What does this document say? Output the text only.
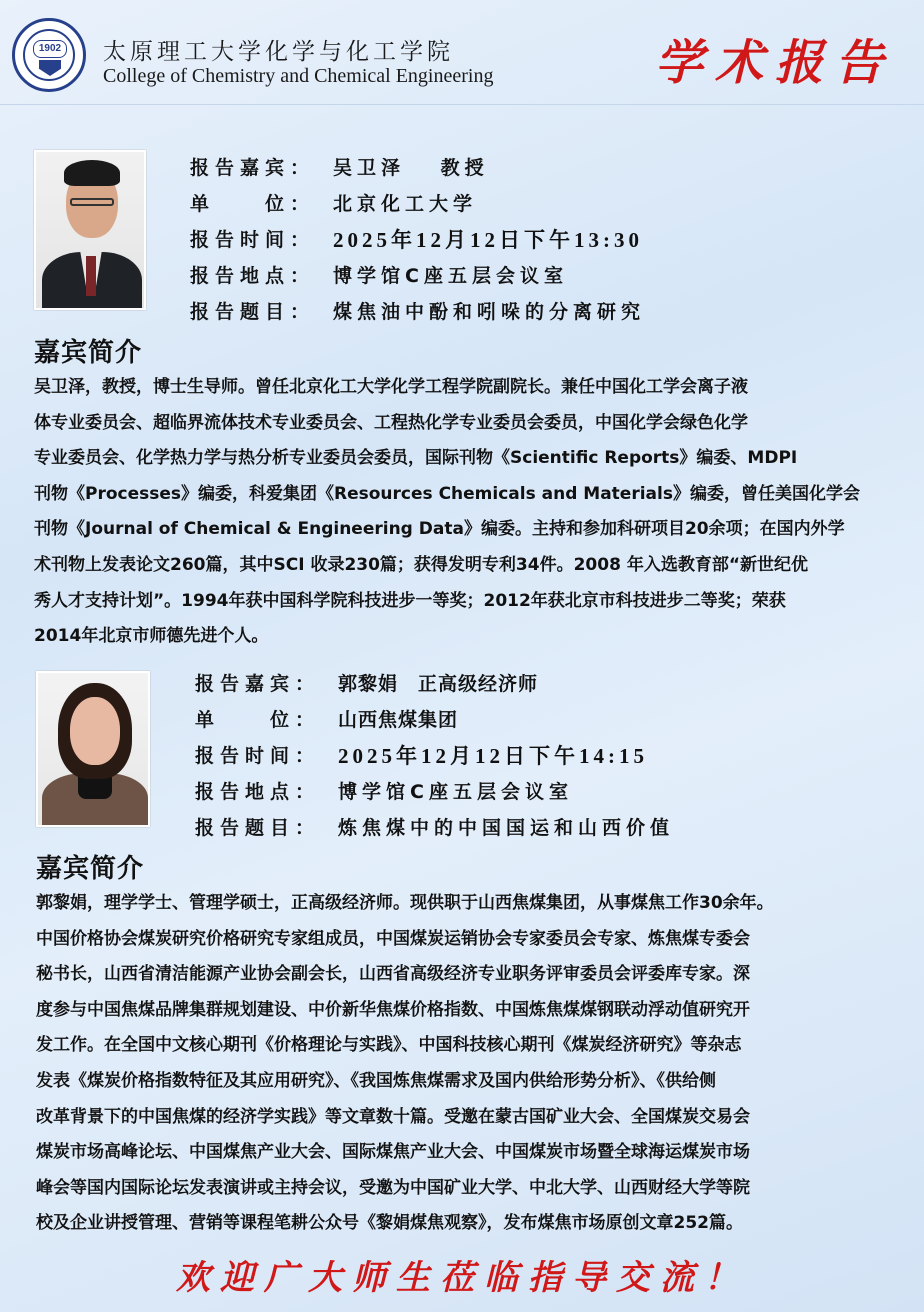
1902 太原理工大学化学与化工学院
College of Chemistry and Chemical Engineering	学术报告
报告嘉宾： 吴卫泽　 教授
单　　位： 北京化工大学
报告时间： 2025年12月12日下午13:30
报告地点： 博学馆C座五层会议室
报告题目： 煤焦油中酚和吲哚的分离研究
嘉宾简介
吴卫泽，教授，博士生导师。曾任北京化工大学化学工程学院副院长。兼任中国化工学会离子液
体专业委员会、超临界流体技术专业委员会、工程热化学专业委员会委员，中国化学会绿色化学
专业委员会、化学热力学与热分析专业委员会委员，国际刊物《Scientific Reports》编委、MDPI
刊物《Processes》编委，科爱集团《Resources Chemicals and Materials》编委，曾任美国化学会
刊物《Journal of Chemical & Engineering Data》编委。主持和参加科研项目20余项；在国内外学
术刊物上发表论文260篇，其中SCI 收录230篇；获得发明专利34件。2008 年入选教育部“新世纪优
秀人才支持计划”。1994年获中国科学院科技进步一等奖；2012年获北京市科技进步二等奖；荣获
2014年北京市师德先进个人。
报告嘉宾： 郭黎娟　正高级经济师
单　　位： 山西焦煤集团
报告时间： 2025年12月12日下午14:15
报告地点： 博学馆C座五层会议室
报告题目： 炼焦煤中的中国国运和山西价值
嘉宾简介
郭黎娟，理学学士、管理学硕士，正高级经济师。现供职于山西焦煤集团，从事煤焦工作30余年。
中国价格协会煤炭研究价格研究专家组成员，中国煤炭运销协会专家委员会专家、炼焦煤专委会
秘书长，山西省清洁能源产业协会副会长，山西省高级经济专业职务评审委员会评委库专家。深
度参与中国焦煤品牌集群规划建设、中价新华焦煤价格指数、中国炼焦煤煤钢联动浮动值研究开
发工作。在全国中文核心期刊《价格理论与实践》、中国科技核心期刊《煤炭经济研究》等杂志
发表《煤炭价格指数特征及其应用研究》、《我国炼焦煤需求及国内供给形势分析》、《供给侧
改革背景下的中国焦煤的经济学实践》等文章数十篇。受邀在蒙古国矿业大会、全国煤炭交易会
煤炭市场高峰论坛、中国煤焦产业大会、国际煤焦产业大会、中国煤炭市场暨全球海运煤炭市场
峰会等国内国际论坛发表演讲或主持会议，受邀为中国矿业大学、中北大学、山西财经大学等院
校及企业讲授管理、营销等课程笔耕公众号《黎娟煤焦观察》，发布煤焦市场原创文章252篇。
欢迎广大师生莅临指导交流！
